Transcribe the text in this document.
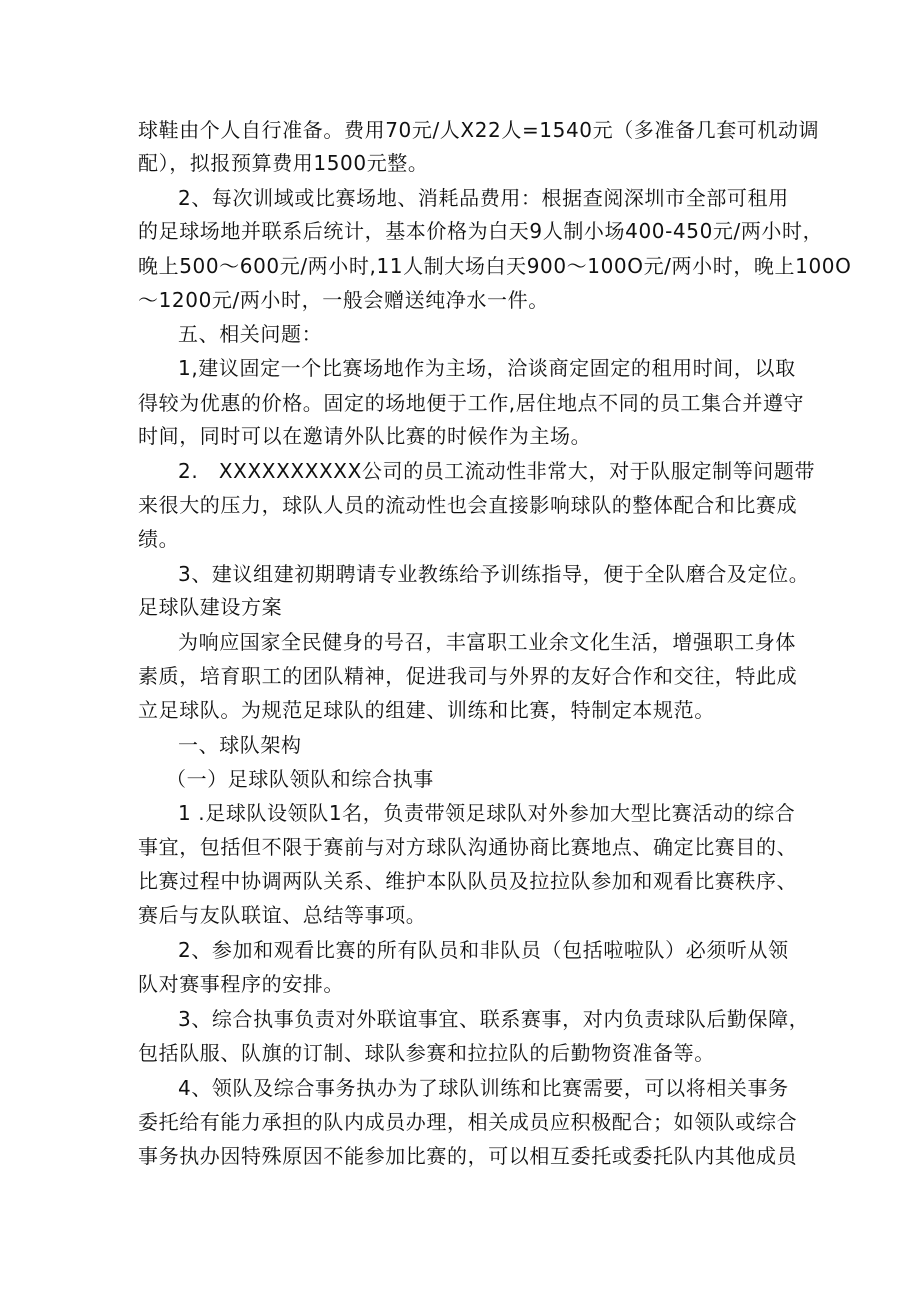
球鞋由个人自行准备。费用70元/人X22人=1540元（多准备几套可机动调
配），拟报预算费用1500元整。
2、每次训域或比赛场地、消耗品费用：根据查阅深圳市全部可租用
的足球场地并联系后统计，基本价格为白天9人制小场400-450元/两小时，
晚上500～600元/两小时,11人制大场白天900～100O元/两小时，晚上100O
～1200元/两小时，一般会赠送纯净水一件。
五、相关问题：
1,建议固定一个比赛场地作为主场，洽谈商定固定的租用时间，以取
得较为优惠的价格。固定的场地便于工作,居住地点不同的员工集合并遵守
时间，同时可以在邀请外队比赛的时候作为主场。
2.　XXXXXXXXXX公司的员工流动性非常大，对于队服定制等问题带
来很大的压力，球队人员的流动性也会直接影响球队的整体配合和比赛成
绩。
3、建议组建初期聘请专业教练给予训练指导，便于全队磨合及定位。
足球队建设方案
为响应国家全民健身的号召，丰富职工业余文化生活，增强职工身体
素质，培育职工的团队精神，促进我司与外界的友好合作和交往，特此成
立足球队。为规范足球队的组建、训练和比赛，特制定本规范。
一、球队架构
（一）足球队领队和综合执事
1 .足球队设领队1名，负责带领足球队对外参加大型比赛活动的综合
事宜，包括但不限于赛前与对方球队沟通协商比赛地点、确定比赛目的、
比赛过程中协调两队关系、维护本队队员及拉拉队参加和观看比赛秩序、
赛后与友队联谊、总结等事项。
2、参加和观看比赛的所有队员和非队员（包括啦啦队）必须听从领
队对赛事程序的安排。
3、综合执事负责对外联谊事宜、联系赛事，对内负责球队后勤保障，
包括队服、队旗的订制、球队参赛和拉拉队的后勤物资准备等。
4、领队及综合事务执办为了球队训练和比赛需要，可以将相关事务
委托给有能力承担的队内成员办理，相关成员应积极配合；如领队或综合
事务执办因特殊原因不能参加比赛的，可以相互委托或委托队内其他成员
